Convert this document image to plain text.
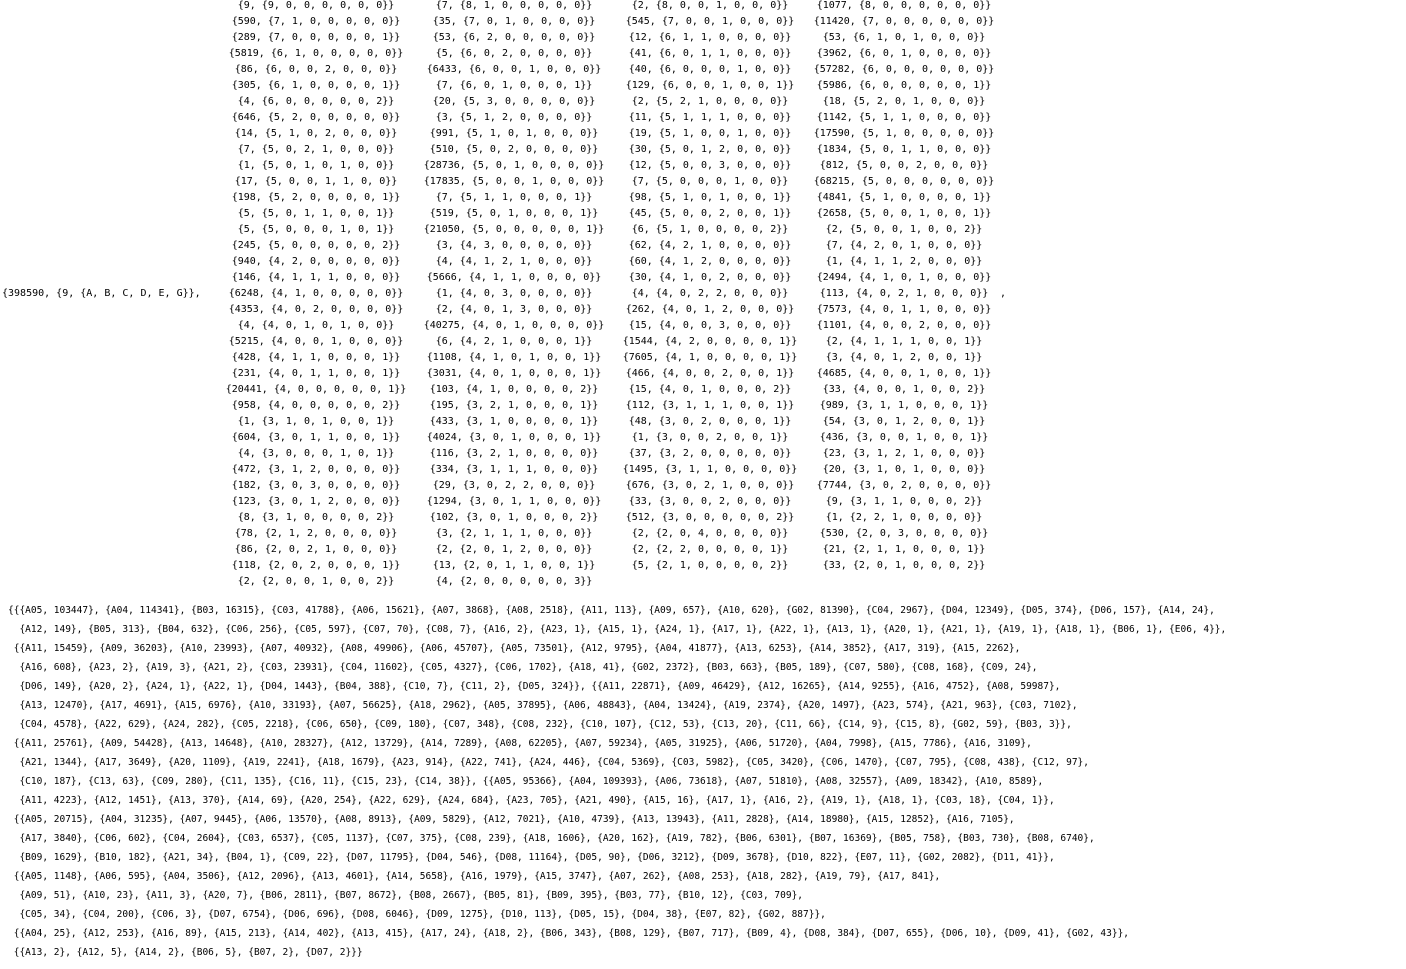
{398590, {9, {A, B, C, D, E, G}},	,
{9, {9, 0, 0, 0, 0, 0, 0}}
{590, {7, 1, 0, 0, 0, 0, 0}}
{289, {7, 0, 0, 0, 0, 0, 1}}
{5819, {6, 1, 0, 0, 0, 0, 0}}
{86, {6, 0, 0, 2, 0, 0, 0}}
{305, {6, 1, 0, 0, 0, 0, 1}}
{4, {6, 0, 0, 0, 0, 0, 2}}
{646, {5, 2, 0, 0, 0, 0, 0}}
{14, {5, 1, 0, 2, 0, 0, 0}}
{7, {5, 0, 2, 1, 0, 0, 0}}
{1, {5, 0, 1, 0, 1, 0, 0}}
{17, {5, 0, 0, 1, 1, 0, 0}}
{198, {5, 2, 0, 0, 0, 0, 1}}
{5, {5, 0, 1, 1, 0, 0, 1}}
{5, {5, 0, 0, 0, 1, 0, 1}}
{245, {5, 0, 0, 0, 0, 0, 2}}
{940, {4, 2, 0, 0, 0, 0, 0}}
{146, {4, 1, 1, 1, 0, 0, 0}}
{6248, {4, 1, 0, 0, 0, 0, 0}}
{4353, {4, 0, 2, 0, 0, 0, 0}}
{4, {4, 0, 1, 0, 1, 0, 0}}
{5215, {4, 0, 0, 1, 0, 0, 0}}
{428, {4, 1, 1, 0, 0, 0, 1}}
{231, {4, 0, 1, 1, 0, 0, 1}}
{20441, {4, 0, 0, 0, 0, 0, 1}}
{958, {4, 0, 0, 0, 0, 0, 2}}
{1, {3, 1, 0, 1, 0, 0, 1}}
{604, {3, 0, 1, 1, 0, 0, 1}}
{4, {3, 0, 0, 0, 1, 0, 1}}
{472, {3, 1, 2, 0, 0, 0, 0}}
{182, {3, 0, 3, 0, 0, 0, 0}}
{123, {3, 0, 1, 2, 0, 0, 0}}
{8, {3, 1, 0, 0, 0, 0, 2}}
{78, {2, 1, 2, 0, 0, 0, 0}}
{86, {2, 0, 2, 1, 0, 0, 0}}
{118, {2, 0, 2, 0, 0, 0, 1}}
{2, {2, 0, 0, 1, 0, 0, 2}}
{7, {8, 1, 0, 0, 0, 0, 0}}
{35, {7, 0, 1, 0, 0, 0, 0}}
{53, {6, 2, 0, 0, 0, 0, 0}}
{5, {6, 0, 2, 0, 0, 0, 0}}
{6433, {6, 0, 0, 1, 0, 0, 0}}
{7, {6, 0, 1, 0, 0, 0, 1}}
{20, {5, 3, 0, 0, 0, 0, 0}}
{3, {5, 1, 2, 0, 0, 0, 0}}
{991, {5, 1, 0, 1, 0, 0, 0}}
{510, {5, 0, 2, 0, 0, 0, 0}}
{28736, {5, 0, 1, 0, 0, 0, 0}}
{17835, {5, 0, 0, 1, 0, 0, 0}}
{7, {5, 1, 1, 0, 0, 0, 1}}
{519, {5, 0, 1, 0, 0, 0, 1}}
{21050, {5, 0, 0, 0, 0, 0, 1}}
{3, {4, 3, 0, 0, 0, 0, 0}}
{4, {4, 1, 2, 1, 0, 0, 0}}
{5666, {4, 1, 1, 0, 0, 0, 0}}
{1, {4, 0, 3, 0, 0, 0, 0}}
{2, {4, 0, 1, 3, 0, 0, 0}}
{40275, {4, 0, 1, 0, 0, 0, 0}}
{6, {4, 2, 1, 0, 0, 0, 1}}
{1108, {4, 1, 0, 1, 0, 0, 1}}
{3031, {4, 0, 1, 0, 0, 0, 1}}
{103, {4, 1, 0, 0, 0, 0, 2}}
{195, {3, 2, 1, 0, 0, 0, 1}}
{433, {3, 1, 0, 0, 0, 0, 1}}
{4024, {3, 0, 1, 0, 0, 0, 1}}
{116, {3, 2, 1, 0, 0, 0, 0}}
{334, {3, 1, 1, 1, 0, 0, 0}}
{29, {3, 0, 2, 2, 0, 0, 0}}
{1294, {3, 0, 1, 1, 0, 0, 0}}
{102, {3, 0, 1, 0, 0, 0, 2}}
{3, {2, 1, 1, 1, 0, 0, 0}}
{2, {2, 0, 1, 2, 0, 0, 0}}
{13, {2, 0, 1, 1, 0, 0, 1}}
{4, {2, 0, 0, 0, 0, 0, 3}}
{2, {8, 0, 0, 1, 0, 0, 0}}
{545, {7, 0, 0, 1, 0, 0, 0}}
{12, {6, 1, 1, 0, 0, 0, 0}}
{41, {6, 0, 1, 1, 0, 0, 0}}
{40, {6, 0, 0, 0, 1, 0, 0}}
{129, {6, 0, 0, 1, 0, 0, 1}}
{2, {5, 2, 1, 0, 0, 0, 0}}
{11, {5, 1, 1, 1, 0, 0, 0}}
{19, {5, 1, 0, 0, 1, 0, 0}}
{30, {5, 0, 1, 2, 0, 0, 0}}
{12, {5, 0, 0, 3, 0, 0, 0}}
{7, {5, 0, 0, 0, 1, 0, 0}}
{98, {5, 1, 0, 1, 0, 0, 1}}
{45, {5, 0, 0, 2, 0, 0, 1}}
{6, {5, 1, 0, 0, 0, 0, 2}}
{62, {4, 2, 1, 0, 0, 0, 0}}
{60, {4, 1, 2, 0, 0, 0, 0}}
{30, {4, 1, 0, 2, 0, 0, 0}}
{4, {4, 0, 2, 2, 0, 0, 0}}
{262, {4, 0, 1, 2, 0, 0, 0}}
{15, {4, 0, 0, 3, 0, 0, 0}}
{1544, {4, 2, 0, 0, 0, 0, 1}}
{7605, {4, 1, 0, 0, 0, 0, 1}}
{466, {4, 0, 0, 2, 0, 0, 1}}
{15, {4, 0, 1, 0, 0, 0, 2}}
{112, {3, 1, 1, 1, 0, 0, 1}}
{48, {3, 0, 2, 0, 0, 0, 1}}
{1, {3, 0, 0, 2, 0, 0, 1}}
{37, {3, 2, 0, 0, 0, 0, 0}}
{1495, {3, 1, 1, 0, 0, 0, 0}}
{676, {3, 0, 2, 1, 0, 0, 0}}
{33, {3, 0, 0, 2, 0, 0, 0}}
{512, {3, 0, 0, 0, 0, 0, 2}}
{2, {2, 0, 4, 0, 0, 0, 0}}
{2, {2, 2, 0, 0, 0, 0, 1}}
{5, {2, 1, 0, 0, 0, 0, 2}}
{1077, {8, 0, 0, 0, 0, 0, 0}}
{11420, {7, 0, 0, 0, 0, 0, 0}}
{53, {6, 1, 0, 1, 0, 0, 0}}
{3962, {6, 0, 1, 0, 0, 0, 0}}
{57282, {6, 0, 0, 0, 0, 0, 0}}
{5986, {6, 0, 0, 0, 0, 0, 1}}
{18, {5, 2, 0, 1, 0, 0, 0}}
{1142, {5, 1, 1, 0, 0, 0, 0}}
{17590, {5, 1, 0, 0, 0, 0, 0}}
{1834, {5, 0, 1, 1, 0, 0, 0}}
{812, {5, 0, 0, 2, 0, 0, 0}}
{68215, {5, 0, 0, 0, 0, 0, 0}}
{4841, {5, 1, 0, 0, 0, 0, 1}}
{2658, {5, 0, 0, 1, 0, 0, 1}}
{2, {5, 0, 0, 1, 0, 0, 2}}
{7, {4, 2, 0, 1, 0, 0, 0}}
{1, {4, 1, 1, 2, 0, 0, 0}}
{2494, {4, 1, 0, 1, 0, 0, 0}}
{113, {4, 0, 2, 1, 0, 0, 0}}
{7573, {4, 0, 1, 1, 0, 0, 0}}
{1101, {4, 0, 0, 2, 0, 0, 0}}
{2, {4, 1, 1, 1, 0, 0, 1}}
{3, {4, 0, 1, 2, 0, 0, 1}}
{4685, {4, 0, 0, 1, 0, 0, 1}}
{33, {4, 0, 0, 1, 0, 0, 2}}
{989, {3, 1, 1, 0, 0, 0, 1}}
{54, {3, 0, 1, 2, 0, 0, 1}}
{436, {3, 0, 0, 1, 0, 0, 1}}
{23, {3, 1, 2, 1, 0, 0, 0}}
{20, {3, 1, 0, 1, 0, 0, 0}}
{7744, {3, 0, 2, 0, 0, 0, 0}}
{9, {3, 1, 1, 0, 0, 0, 2}}
{1, {2, 2, 1, 0, 0, 0, 0}}
{530, {2, 0, 3, 0, 0, 0, 0}}
{21, {2, 1, 1, 0, 0, 0, 1}}
{33, {2, 0, 1, 0, 0, 0, 2}}
{{{A05, 103447}, {A04, 114341}, {B03, 16315}, {C03, 41788}, {A06, 15621}, {A07, 3868}, {A08, 2518}, {A11, 113}, {A09, 657}, {A10, 620}, {G02, 81390}, {C04, 2967}, {D04, 12349}, {D05, 374}, {D06, 157}, {A14, 24},
{A12, 149}, {B05, 313}, {B04, 632}, {C06, 256}, {C05, 597}, {C07, 70}, {C08, 7}, {A16, 2}, {A23, 1}, {A15, 1}, {A24, 1}, {A17, 1}, {A22, 1}, {A13, 1}, {A20, 1}, {A21, 1}, {A19, 1}, {A18, 1}, {B06, 1}, {E06, 4}},
{{A11, 15459}, {A09, 36203}, {A10, 23993}, {A07, 40932}, {A08, 49906}, {A06, 45707}, {A05, 73501}, {A12, 9795}, {A04, 41877}, {A13, 6253}, {A14, 3852}, {A17, 319}, {A15, 2262},
{A16, 608}, {A23, 2}, {A19, 3}, {A21, 2}, {C03, 23931}, {C04, 11602}, {C05, 4327}, {C06, 1702}, {A18, 41}, {G02, 2372}, {B03, 663}, {B05, 189}, {C07, 580}, {C08, 168}, {C09, 24},
{D06, 149}, {A20, 2}, {A24, 1}, {A22, 1}, {D04, 1443}, {B04, 388}, {C10, 7}, {C11, 2}, {D05, 324}}, {{A11, 22871}, {A09, 46429}, {A12, 16265}, {A14, 9255}, {A16, 4752}, {A08, 59987},
{A13, 12470}, {A17, 4691}, {A15, 6976}, {A10, 33193}, {A07, 56625}, {A18, 2962}, {A05, 37895}, {A06, 48843}, {A04, 13424}, {A19, 2374}, {A20, 1497}, {A23, 574}, {A21, 963}, {C03, 7102},
{C04, 4578}, {A22, 629}, {A24, 282}, {C05, 2218}, {C06, 650}, {C09, 180}, {C07, 348}, {C08, 232}, {C10, 107}, {C12, 53}, {C13, 20}, {C11, 66}, {C14, 9}, {C15, 8}, {G02, 59}, {B03, 3}},
{{A11, 25761}, {A09, 54428}, {A13, 14648}, {A10, 28327}, {A12, 13729}, {A14, 7289}, {A08, 62205}, {A07, 59234}, {A05, 31925}, {A06, 51720}, {A04, 7998}, {A15, 7786}, {A16, 3109},
{A21, 1344}, {A17, 3649}, {A20, 1109}, {A19, 2241}, {A18, 1679}, {A23, 914}, {A22, 741}, {A24, 446}, {C04, 5369}, {C03, 5982}, {C05, 3420}, {C06, 1470}, {C07, 795}, {C08, 438}, {C12, 97},
{C10, 187}, {C13, 63}, {C09, 280}, {C11, 135}, {C16, 11}, {C15, 23}, {C14, 38}}, {{A05, 95366}, {A04, 109393}, {A06, 73618}, {A07, 51810}, {A08, 32557}, {A09, 18342}, {A10, 8589},
{A11, 4223}, {A12, 1451}, {A13, 370}, {A14, 69}, {A20, 254}, {A22, 629}, {A24, 684}, {A23, 705}, {A21, 490}, {A15, 16}, {A17, 1}, {A16, 2}, {A19, 1}, {A18, 1}, {C03, 18}, {C04, 1}},
{{A05, 20715}, {A04, 31235}, {A07, 9445}, {A06, 13570}, {A08, 8913}, {A09, 5829}, {A12, 7021}, {A10, 4739}, {A13, 13943}, {A11, 2828}, {A14, 18980}, {A15, 12852}, {A16, 7105},
{A17, 3840}, {C06, 602}, {C04, 2604}, {C03, 6537}, {C05, 1137}, {C07, 375}, {C08, 239}, {A18, 1606}, {A20, 162}, {A19, 782}, {B06, 6301}, {B07, 16369}, {B05, 758}, {B03, 730}, {B08, 6740},
{B09, 1629}, {B10, 182}, {A21, 34}, {B04, 1}, {C09, 22}, {D07, 11795}, {D04, 546}, {D08, 11164}, {D05, 90}, {D06, 3212}, {D09, 3678}, {D10, 822}, {E07, 11}, {G02, 2082}, {D11, 41}},
{{A05, 1148}, {A06, 595}, {A04, 3506}, {A12, 2096}, {A13, 4601}, {A14, 5658}, {A16, 1979}, {A15, 3747}, {A07, 262}, {A08, 253}, {A18, 282}, {A19, 79}, {A17, 841},
{A09, 51}, {A10, 23}, {A11, 3}, {A20, 7}, {B06, 2811}, {B07, 8672}, {B08, 2667}, {B05, 81}, {B09, 395}, {B03, 77}, {B10, 12}, {C03, 709},
{C05, 34}, {C04, 200}, {C06, 3}, {D07, 6754}, {D06, 696}, {D08, 6046}, {D09, 1275}, {D10, 113}, {D05, 15}, {D04, 38}, {E07, 82}, {G02, 887}},
{{A04, 25}, {A12, 253}, {A16, 89}, {A15, 213}, {A14, 402}, {A13, 415}, {A17, 24}, {A18, 2}, {B06, 343}, {B08, 129}, {B07, 717}, {B09, 4}, {D08, 384}, {D07, 655}, {D06, 10}, {D09, 41}, {G02, 43}},
{{A13, 2}, {A12, 5}, {A14, 2}, {B06, 5}, {B07, 2}, {D07, 2}}}
